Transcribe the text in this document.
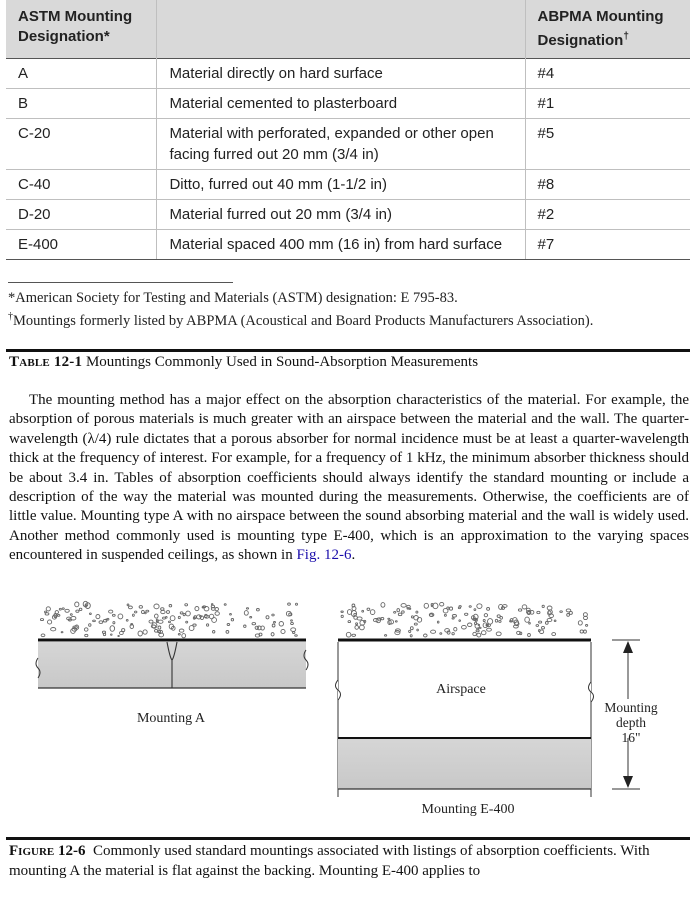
ASTM Mounting
Designation*		ABPMA Mounting
Designation†
A	Material directly on hard surface	#4
B	Material cemented to plasterboard	#1
C-20	Material with perforated, expanded or other open facing furred out 20 mm (3/4 in)	#5
C-40	Ditto, furred out 40 mm (1-1/2 in)	#8
D-20	Material furred out 20 mm (3/4 in)	#2
E-400	Material spaced 400 mm (16 in) from hard surface	#7
*American Society for Testing and Materials (ASTM) designation: E 795-83.
†Mountings formerly listed by ABPMA (Acoustical and Board Products Manufacturers Association).
Table 12-1 Mountings Commonly Used in Sound-Absorption Measurements
The mounting method has a major effect on the absorption characteristics of the material. For example, the absorption of porous materials is much greater with an airspace between the material and the wall. The quarter-wavelength (λ/4) rule dictates that a porous absorber for normal incidence must be at least a quarter-wavelength thick at the frequency of interest. For example, for a frequency of 1 kHz, the minimum absorber thickness should be about 3.4 in. Tables of absorption coefficients should always identify the standard mounting or include a description of the way the material was mounted during the measurements. Otherwise, the coefficients are of little value. Mounting type A with no airspace between the sound absorbing material and the wall is widely used. Another method commonly used is mounting type E-400, which is an approximation to the varying spaces encountered in suspended ceilings, as shown in Fig. 12-6.
Mounting A
Airspace
Mounting E-400
Mounting
depth
16"
Figure 12-6 Commonly used standard mountings associated with listings of absorption coefficients. With mounting A the material is flat against the backing. Mounting E-400 applies to
